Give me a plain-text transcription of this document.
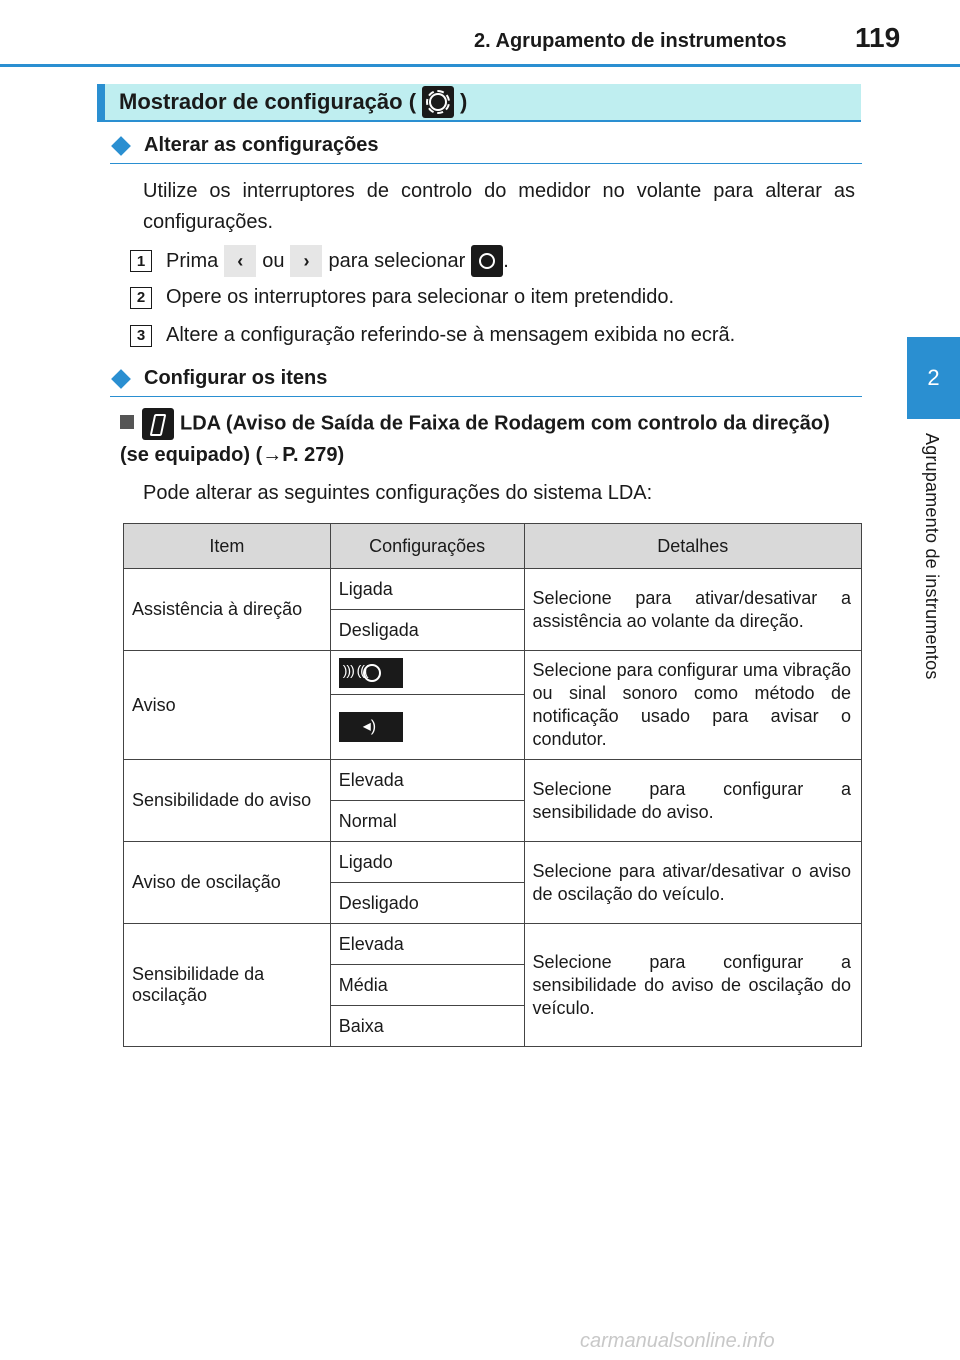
2. Agrupamento de instrumentos 119
2
Agrupamento de instrumentos
Mostrador de configuração ( )
Alterar as configurações
Utilize os interruptores de controlo do medidor no volante para alterar as configurações.
1	Prima	‹ ou	› para selecionar .
2	Opere os interruptores para selecionar o item pretendido.
3	Altere a configuração referindo-se à mensagem exibida no ecrã.
Configurar os itens
LDA (Aviso de Saída de Faixa de Rodagem com controlo da direção) (se equipado) (→P. 279)
Pode alterar as seguintes configurações do sistema LDA:
Item	Configurações	Detalhes
Assistência à direção	Ligada	Selecione para ativar/desativar a assistência ao volante da direção.
	Desligada	
Aviso	))) (((	Selecione para configurar uma vibração ou sinal sonoro como método de notificação usado para avisar o condutor.
◂)
Sensibilidade do aviso	Elevada	Selecione para configurar a sensibilidade do aviso.
	Normal	
Aviso de oscilação	Ligado	Selecione para ativar/desativar o aviso de oscilação do veículo.
	Desligado	
Sensibilidade da oscilação	Elevada	Selecione para configurar a sensibilidade do aviso de oscilação do veículo.
	Média	
	Baixa	
carmanualsonline.info
